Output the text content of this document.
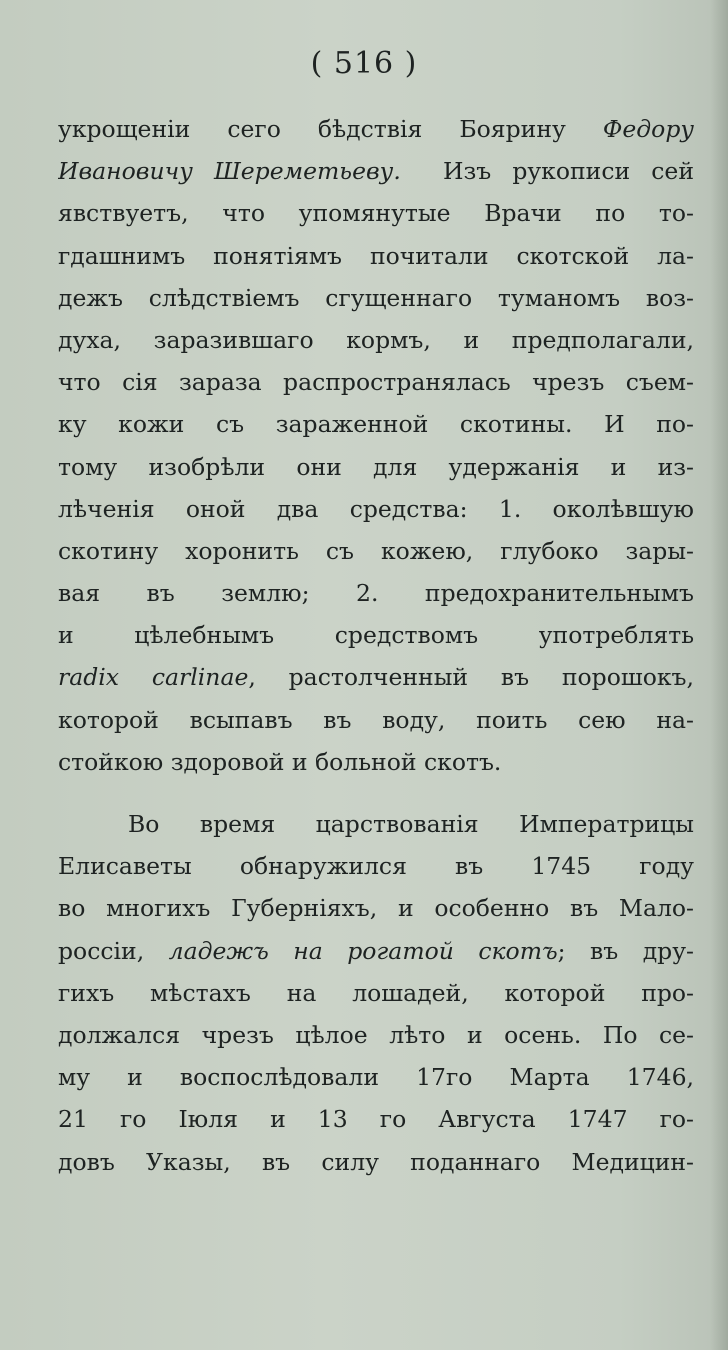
( 516 )
укрощеніи сего бѣдствія Боярину Федору
Ивановичу Шереметьеву. Изъ рукописи сей
явствуетъ, что упомянутые Врачи по то-
гдашнимъ понятіямъ почитали скотской ла-
дежъ слѣдствіемъ сгущеннаго туманомъ воз-
духа, заразившаго кормъ, и предполагали,
что сія зараза распространялась чрезъ съем-
ку кожи съ зараженной скотины. И по-
тому изобрѣли они для удержанія и из-
лѣченія оной два средства: 1. околѣвшую
скотину хоронить съ кожею, глубоко зары-
вая въ землю; 2. предохранительнымъ
и цѣлебнымъ средствомъ употреблять
radix carlinae, растолченный въ порошокъ,
которой всыпавъ въ воду, поить сею на-
стойкою здоровой и больной скотъ.
Во время царствованія Императрицы
Елисаветы обнаружился въ 1745 году
во многихъ Губерніяхъ, и особенно въ Мало-
россіи, ладежъ на рогатой скотъ; въ дру-
гихъ мѣстахъ на лошадей, которой про-
должался чрезъ цѣлое лѣто и осень. По се-
му и воспослѣдовали 17го Марта 1746,
21 го Іюля и 13 го Августа 1747 го-
довъ Указы, въ силу поданнаго Медицин-
